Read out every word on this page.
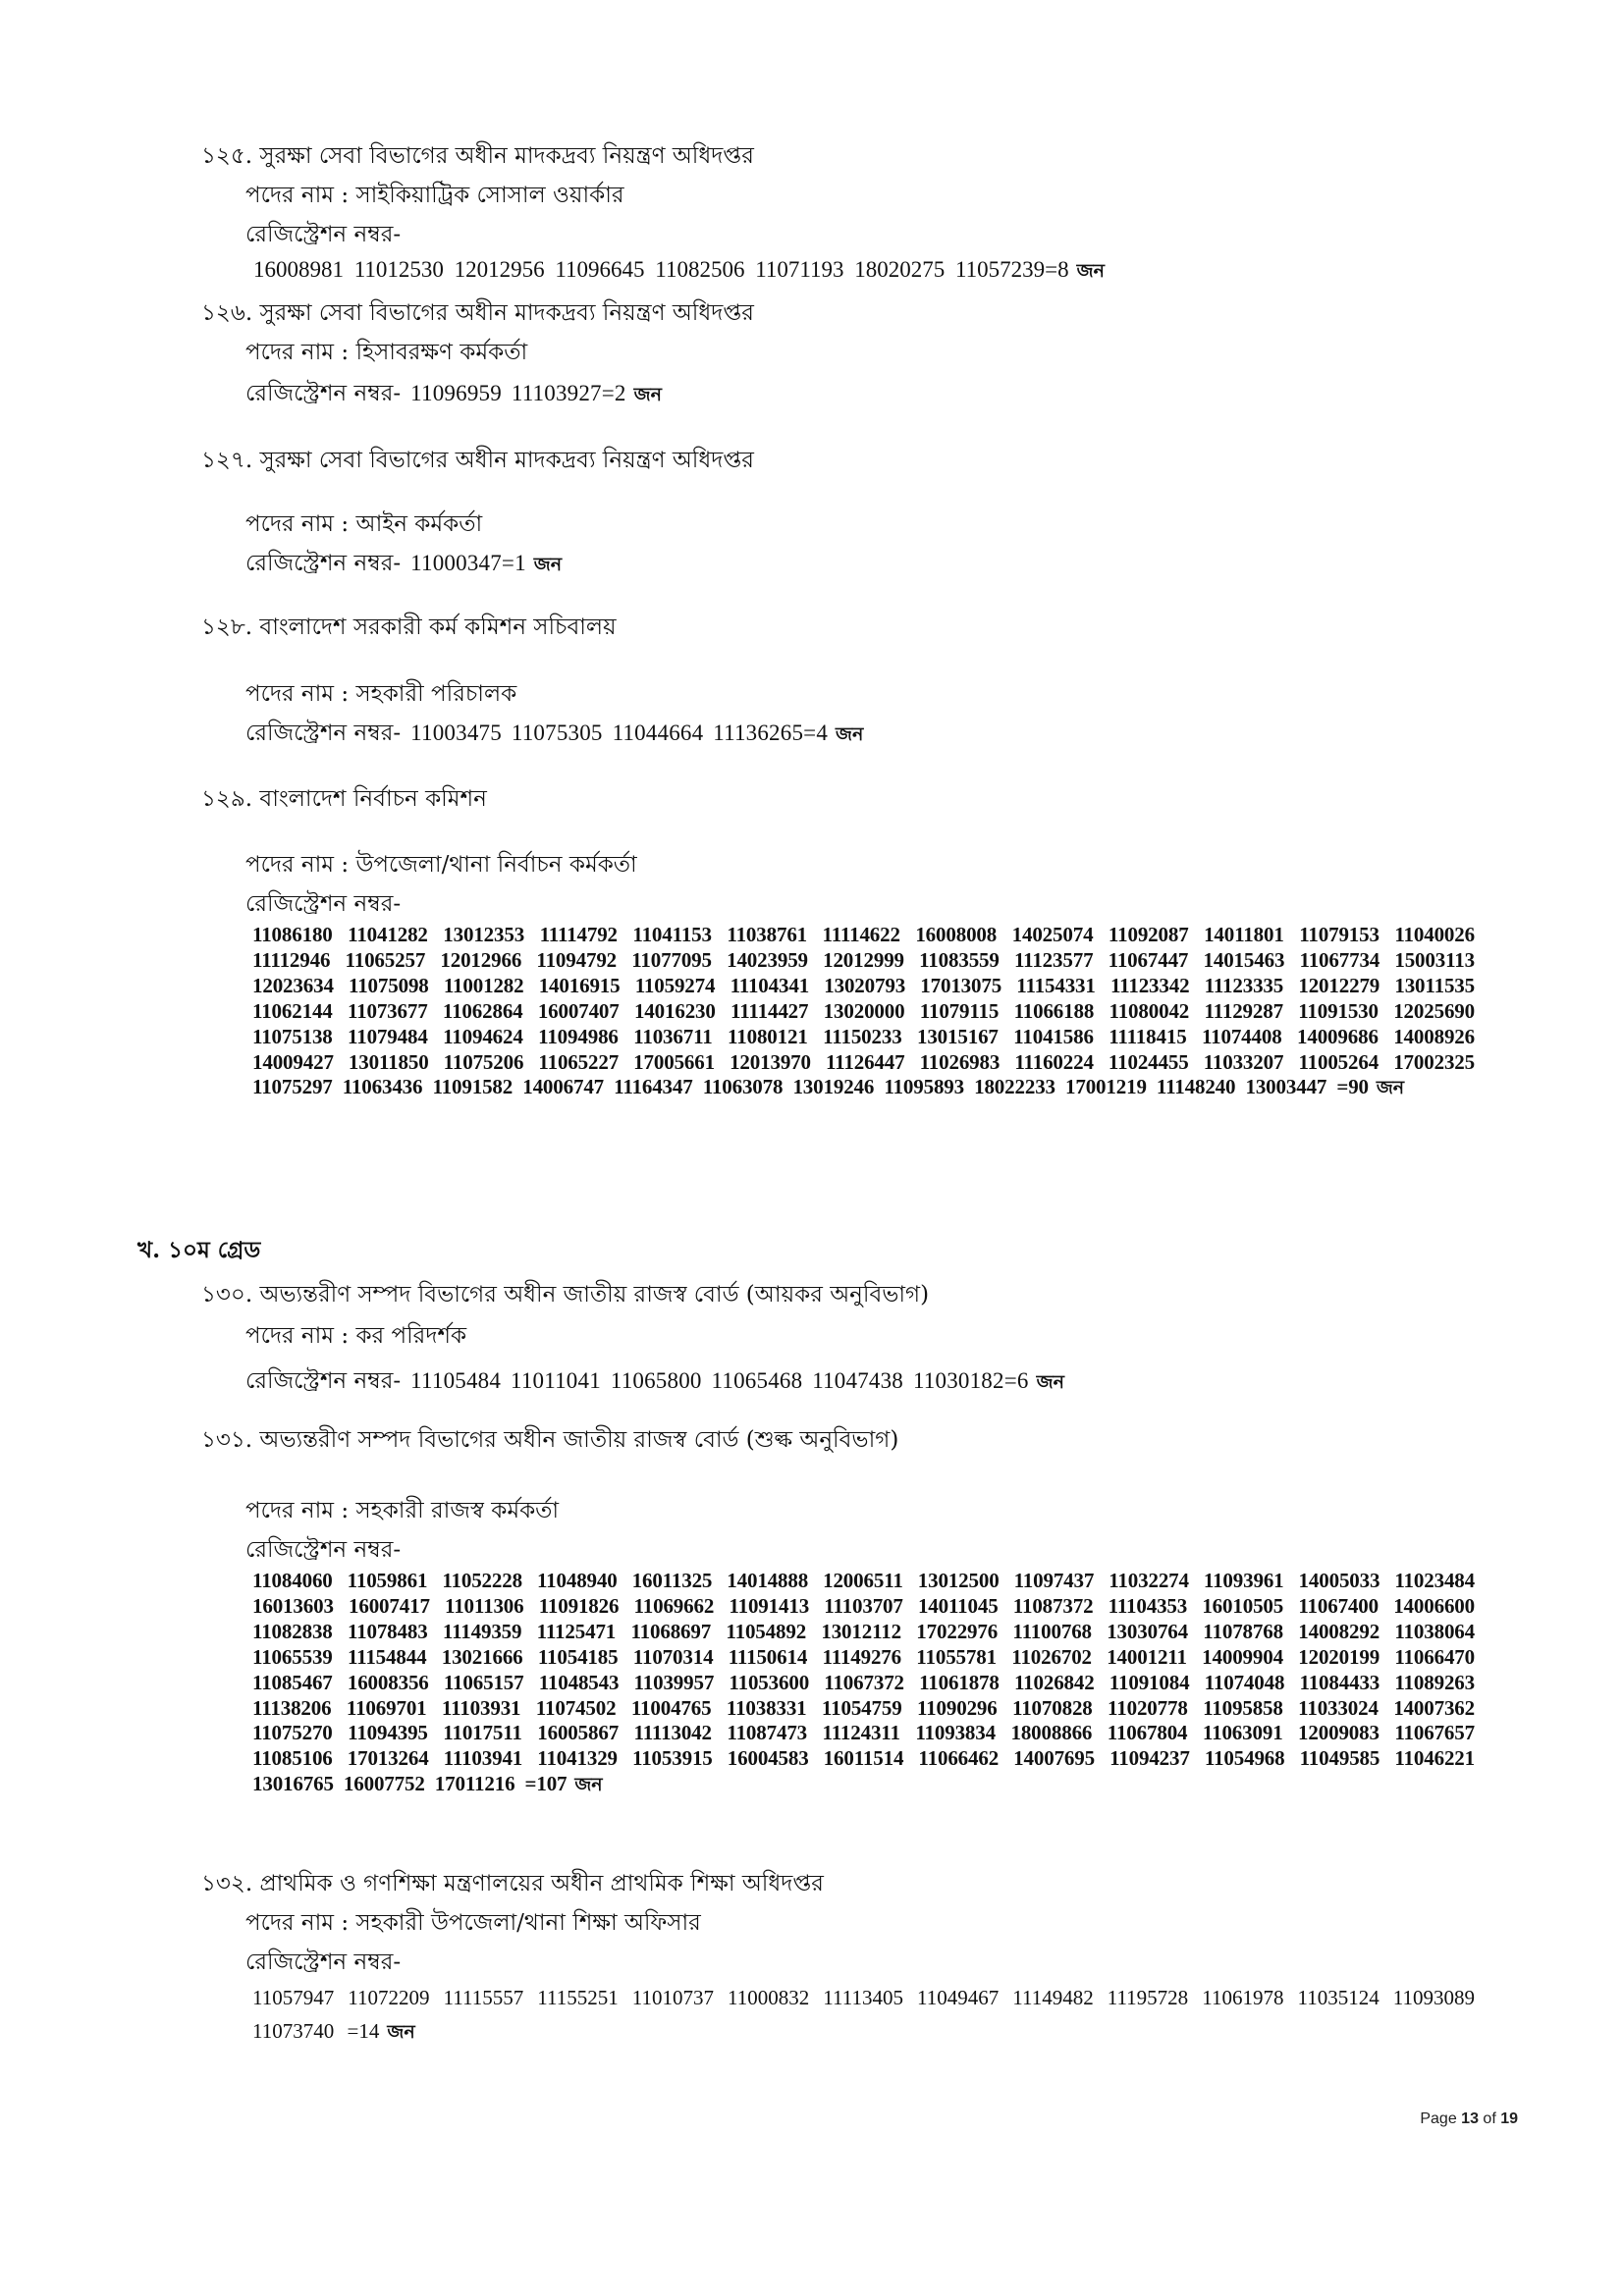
১২৫. সুরক্ষা সেবা বিভাগের অধীন মাদকদ্রব্য নিয়ন্ত্রণ অধিদপ্তর
পদের নাম : সাইকিয়াট্রিক সোসাল ওয়ার্কার
রেজিস্ট্রেশন নম্বর-
16008981 11012530 12012956 11096645 11082506 11071193 18020275 11057239=8 জন
১২৬. সুরক্ষা সেবা বিভাগের অধীন মাদকদ্রব্য নিয়ন্ত্রণ অধিদপ্তর
পদের নাম : হিসাবরক্ষণ কর্মকর্তা
রেজিস্ট্রেশন নম্বর- 11096959 11103927=2 জন
১২৭. সুরক্ষা সেবা বিভাগের অধীন মাদকদ্রব্য নিয়ন্ত্রণ অধিদপ্তর
পদের নাম : আইন কর্মকর্তা
রেজিস্ট্রেশন নম্বর- 11000347=1 জন
১২৮. বাংলাদেশ সরকারী কর্ম কমিশন সচিবালয়
পদের নাম : সহকারী পরিচালক
রেজিস্ট্রেশন নম্বর- 11003475 11075305 11044664 11136265=4 জন
১২৯. বাংলাদেশ নির্বাচন কমিশন
পদের নাম : উপজেলা/থানা নির্বাচন কর্মকর্তা
রেজিস্ট্রেশন নম্বর-
11086180 11041282 13012353 11114792 11041153 11038761 11114622 16008008 14025074 11092087 14011801 11079153 11040026 11112946 11065257 12012966 11094792 11077095 14023959 12012999 11083559 11123577 11067447 14015463 11067734 15003113 12023634 11075098 11001282 14016915 11059274 11104341 13020793 17013075 11154331 11123342 11123335 12012279 13011535 11062144 11073677 11062864 16007407 14016230 11114427 13020000 11079115 11066188 11080042 11129287 11091530 12025690 11075138 11079484 11094624 11094986 11036711 11080121 11150233 13015167 11041586 11118415 11074408 14009686 14008926 14009427 13011850 11075206 11065227 17005661 12013970 11126447 11026983 11160224 11024455 11033207 11005264 17002325 11075297 11063436 11091582 14006747 11164347 11063078 13019246 11095893 18022233 17001219 11148240 13003447 =90 জন
খ. ১০ম গ্রেড
১৩০. অভ্যন্তরীণ সম্পদ বিভাগের অধীন জাতীয় রাজস্ব বোর্ড (আয়কর অনুবিভাগ)
পদের নাম : কর পরিদর্শক
রেজিস্ট্রেশন নম্বর- 11105484 11011041 11065800 11065468 11047438 11030182=6 জন
১৩১. অভ্যন্তরীণ সম্পদ বিভাগের অধীন জাতীয় রাজস্ব বোর্ড (শুল্ক অনুবিভাগ)
পদের নাম : সহকারী রাজস্ব কর্মকর্তা
রেজিস্ট্রেশন নম্বর-
11084060 11059861 11052228 11048940 16011325 14014888 12006511 13012500 11097437 11032274 11093961 14005033 11023484 16013603 16007417 11011306 11091826 11069662 11091413 11103707 14011045 11087372 11104353 16010505 11067400 14006600 11082838 11078483 11149359 11125471 11068697 11054892 13012112 17022976 11100768 13030764 11078768 14008292 11038064 11065539 11154844 13021666 11054185 11070314 11150614 11149276 11055781 11026702 14001211 14009904 12020199 11066470 11085467 16008356 11065157 11048543 11039957 11053600 11067372 11061878 11026842 11091084 11074048 11084433 11089263 11138206 11069701 11103931 11074502 11004765 11038331 11054759 11090296 11070828 11020778 11095858 11033024 14007362 11075270 11094395 11017511 16005867 11113042 11087473 11124311 11093834 18008866 11067804 11063091 12009083 11067657 11085106 17013264 11103941 11041329 11053915 16004583 16011514 11066462 14007695 11094237 11054968 11049585 11046221 13016765 16007752 17011216 =107 জন
১৩২. প্রাথমিক ও গণশিক্ষা মন্ত্রণালয়ের অধীন প্রাথমিক শিক্ষা অধিদপ্তর
পদের নাম : সহকারী উপজেলা/থানা শিক্ষা অফিসার
রেজিস্ট্রেশন নম্বর-
11057947 11072209 11115557 11155251 11010737 11000832 11113405 11049467 11149482 11195728 11061978 11035124 11093089 11073740 =14 জন
Page 13 of 19
